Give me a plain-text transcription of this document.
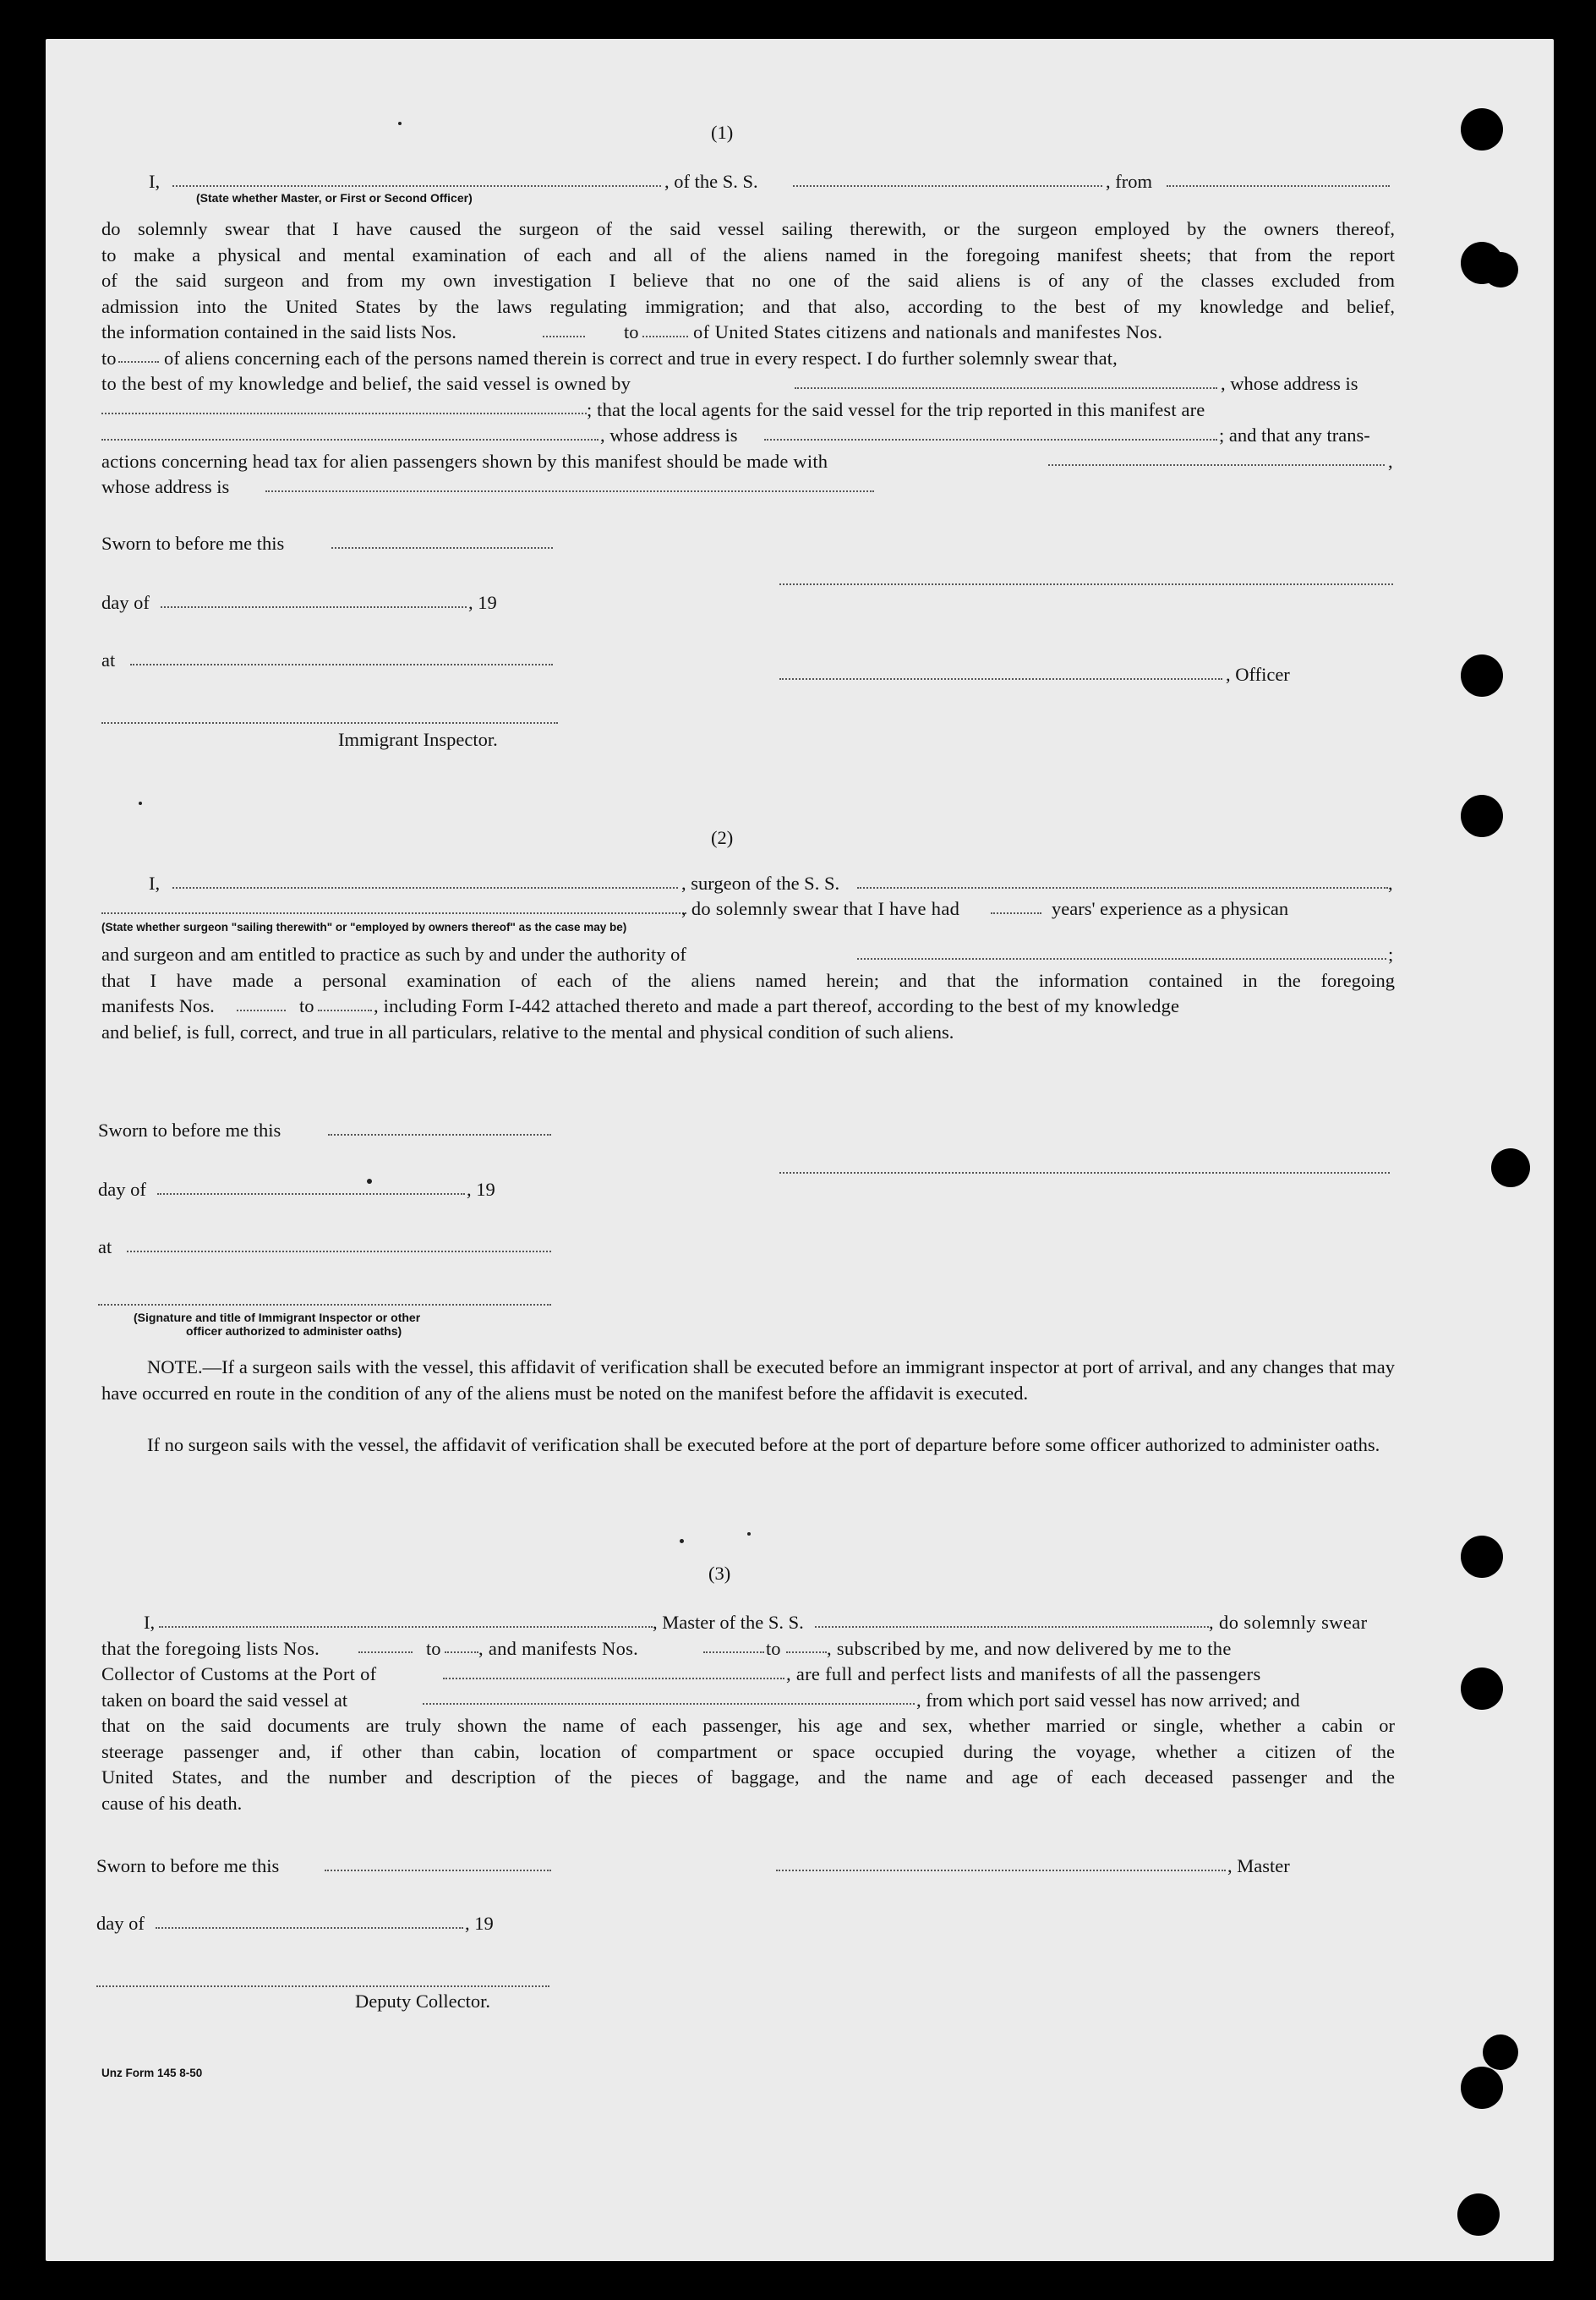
(1)
I,	, of the S. S.	, from
(State whether Master, or First or Second Officer)
do solemnly swear that I have caused the surgeon of the said vessel sailing therewith, or the surgeon employed by the owners thereof,
to make a physical and mental examination of each and all of the aliens named in the foregoing manifest sheets; that from the report
of the said surgeon and from my own investigation I believe that no one of the said aliens is of any of the classes excluded from
admission into the United States by the laws regulating immigration; and that also, according to the best of my knowledge and belief,
the information contained in the said lists Nos.	to	of United States citizens and nationals and manifestes Nos.
to	of aliens concerning each of the persons named therein is correct and true in every respect. I do further solemnly swear that,
to the best of my knowledge and belief, the said vessel is owned by	, whose address is
; that the local agents for the said vessel for the trip reported in this manifest are
, whose address is	; and that any trans-
actions concerning head tax for alien passengers shown by this manifest should be made with	,
whose address is
Sworn to before me this
day of	, 19
at
, Officer
Immigrant Inspector.
(2)
I,	, surgeon of the S. S.	,
, do solemnly swear that I have had	years' experience as a physican
(State whether surgeon "sailing therewith" or "employed by owners thereof" as the case may be)
and surgeon and am entitled to practice as such by and under the authority of	;
that I have made a personal examination of each of the aliens named herein; and that the information contained in the foregoing
manifests Nos.	to	, including Form I-442 attached thereto and made a part thereof, according to the best of my knowledge
and belief, is full, correct, and true in all particulars, relative to the mental and physical condition of such aliens.
Sworn to before me this
day of	, 19
at
(Signature and title of Immigrant Inspector or other
officer authorized to administer oaths)
NOTE.—If a surgeon sails with the vessel, this affidavit of verification shall be executed before an immigrant inspector at port of arrival, and any changes that may have occurred en route in the condition of any of the aliens must be noted on the manifest before the affidavit is executed.
If no surgeon sails with the vessel, the affidavit of verification shall be executed before at the port of departure before some officer authorized to administer oaths.
(3)
I,	, Master of the S. S.	, do solemnly swear
that the foregoing lists Nos.	to , and manifests Nos.	to , subscribed by me, and now delivered by me to the
Collector of Customs at the Port of	, are full and perfect lists and manifests of all the passengers
taken on board the said vessel at	, from which port said vessel has now arrived; and
that on the said documents are truly shown the name of each passenger, his age and sex, whether married or single, whether a cabin or
steerage passenger and, if other than cabin, location of compartment or space occupied during the voyage, whether a citizen of the
United States, and the number and description of the pieces of baggage, and the name and age of each deceased passenger and the
cause of his death.
Sworn to before me this	, Master
day of	, 19
Deputy Collector.
Unz Form 145 8-50
